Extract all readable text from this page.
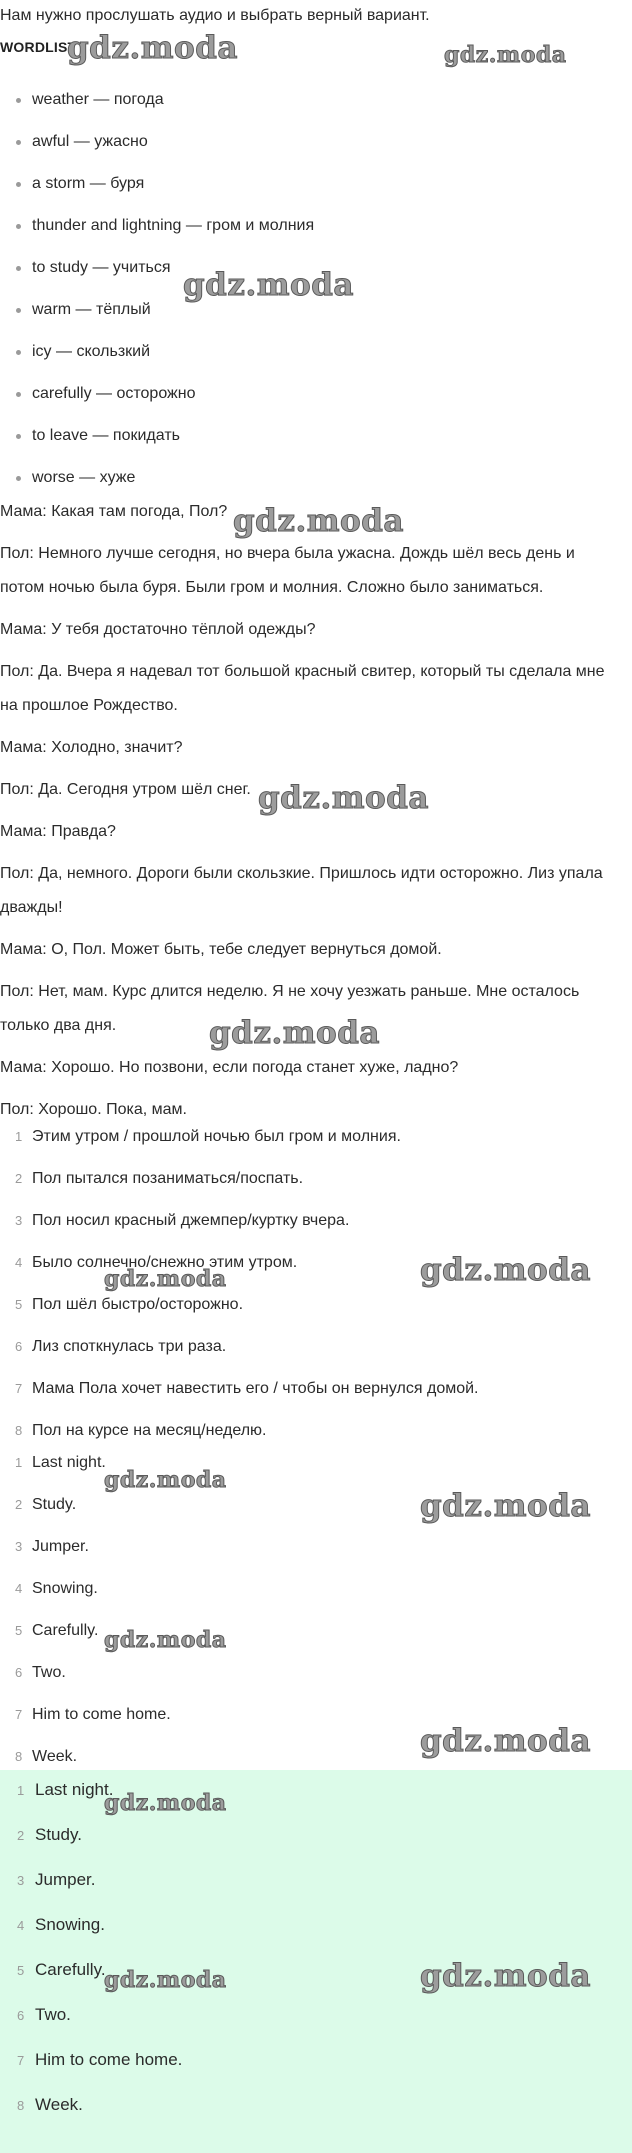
Нам нужно прослушать аудио и выбрать верный вариант.
WORDLIST
weather — погода
awful — ужасно
a storm — буря
thunder and lightning — гром и молния
to study — учиться
warm — тёплый
icy — скользкий
carefully — осторожно
to leave — покидать
worse — хуже
Мама: Какая там погода, Пол?
Пол: Немного лучше сегодня, но вчера была ужасна. Дождь шёл весь день и потом ночью была буря. Были гром и молния. Сложно было заниматься.
Мама: У тебя достаточно тёплой одежды?
Пол: Да. Вчера я надевал тот большой красный свитер, который ты сделала мне на прошлое Рождество.
Мама: Холодно, значит?
Пол: Да. Сегодня утром шёл снег.
Мама: Правда?
Пол: Да, немного. Дороги были скользкие. Пришлось идти осторожно. Лиз упала дважды!
Мама: О, Пол. Может быть, тебе следует вернуться домой.
Пол: Нет, мам. Курс длится неделю. Я не хочу уезжать раньше. Мне осталось только два дня.
Мама: Хорошо. Но позвони, если погода станет хуже, ладно?
Пол: Хорошо. Пока, мам.
1 Этим утром / прошлой ночью был гром и молния.
2 Пол пытался позаниматься/поспать.
3 Пол носил красный джемпер/куртку вчера.
4 Было солнечно/снежно этим утром.
5 Пол шёл быстро/осторожно.
6 Лиз споткнулась три раза.
7 Мама Пола хочет навестить его / чтобы он вернулся домой.
8 Пол на курсе на месяц/неделю.
1 Last night.
2 Study.
3 Jumper.
4 Snowing.
5 Carefully.
6 Two.
7 Him to come home.
8 Week.
1 Last night.
2 Study.
3 Jumper.
4 Snowing.
5 Carefully.
6 Two.
7 Him to come home.
8 Week.
gdz.moda	gdz.moda
gdz.moda
gdz.moda
gdz.moda
gdz.moda
gdz.moda
gdz.moda
gdz.moda
gdz.moda
gdz.moda
gdz.moda
gdz.moda
gdz.moda	gdz.moda
